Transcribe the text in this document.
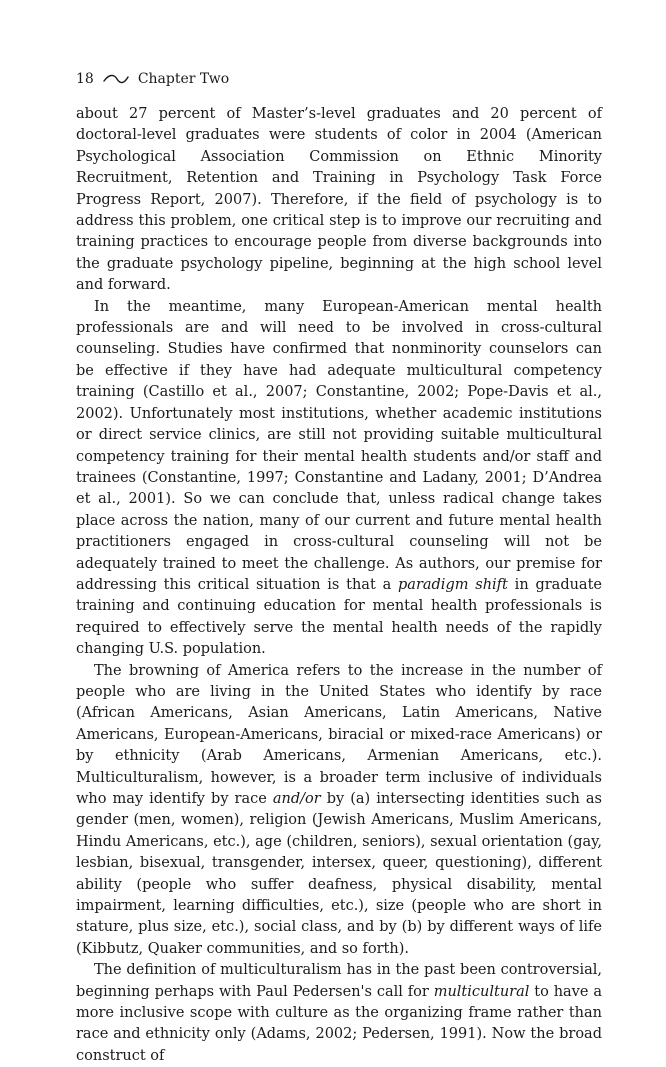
18	Chapter Two

about 27 percent of Master’s-level graduates and 20 percent of doctoral-level graduates were students of color in 2004 (American Psychological Association Commission on Ethnic Minority Recruitment, Retention and Training in Psychology Task Force Progress Report, 2007). Therefore, if the field of psychology is to address this problem, one critical step is to improve our recruiting and training practices to encourage people from diverse backgrounds into the graduate psychology pipeline, beginning at the high school level and forward.

In the meantime, many European-American mental health professionals are and will need to be involved in cross-cultural counseling. Studies have confirmed that nonminority counselors can be effective if they have had adequate multicultural competency training (Castillo et al., 2007; Constantine, 2002; Pope-Davis et al., 2002). Unfortunately most institutions, whether academic institutions or direct service clinics, are still not providing suitable multicultural competency training for their mental health students and/or staff and trainees (Constantine, 1997; Constantine and Ladany, 2001; D’Andrea et al., 2001). So we can conclude that, unless radical change takes place across the nation, many of our current and future mental health practitioners engaged in cross-cultural counseling will not be adequately trained to meet the challenge. As authors, our premise for addressing this critical situation is that a paradigm shift in graduate training and continuing education for mental health professionals is required to effectively serve the mental health needs of the rapidly changing U.S. population.

The browning of America refers to the increase in the number of people who are living in the United States who identify by race (African Americans, Asian Americans, Latin Americans, Native Americans, European-Americans, biracial or mixed-race Americans) or by ethnicity (Arab Americans, Armenian Americans, etc.). Multiculturalism, however, is a broader term inclusive of individuals who may identify by race and/or by (a) intersecting identities such as gender (men, women), religion (Jewish Americans, Muslim Americans, Hindu Americans, etc.), age (children, seniors), sexual orientation (gay, lesbian, bisexual, transgender, intersex, queer, questioning), different ability (people who suffer deafness, physical disability, mental impairment, learning difficulties, etc.), size (people who are short in stature, plus size, etc.), social class, and by (b) by different ways of life (Kibbutz, Quaker communities, and so forth).

The definition of multiculturalism has in the past been controversial, beginning perhaps with Paul Pedersen's call for multicultural to have a more inclusive scope with culture as the organizing frame rather than race and ethnicity only (Adams, 2002; Pedersen, 1991). Now the broad construct of
